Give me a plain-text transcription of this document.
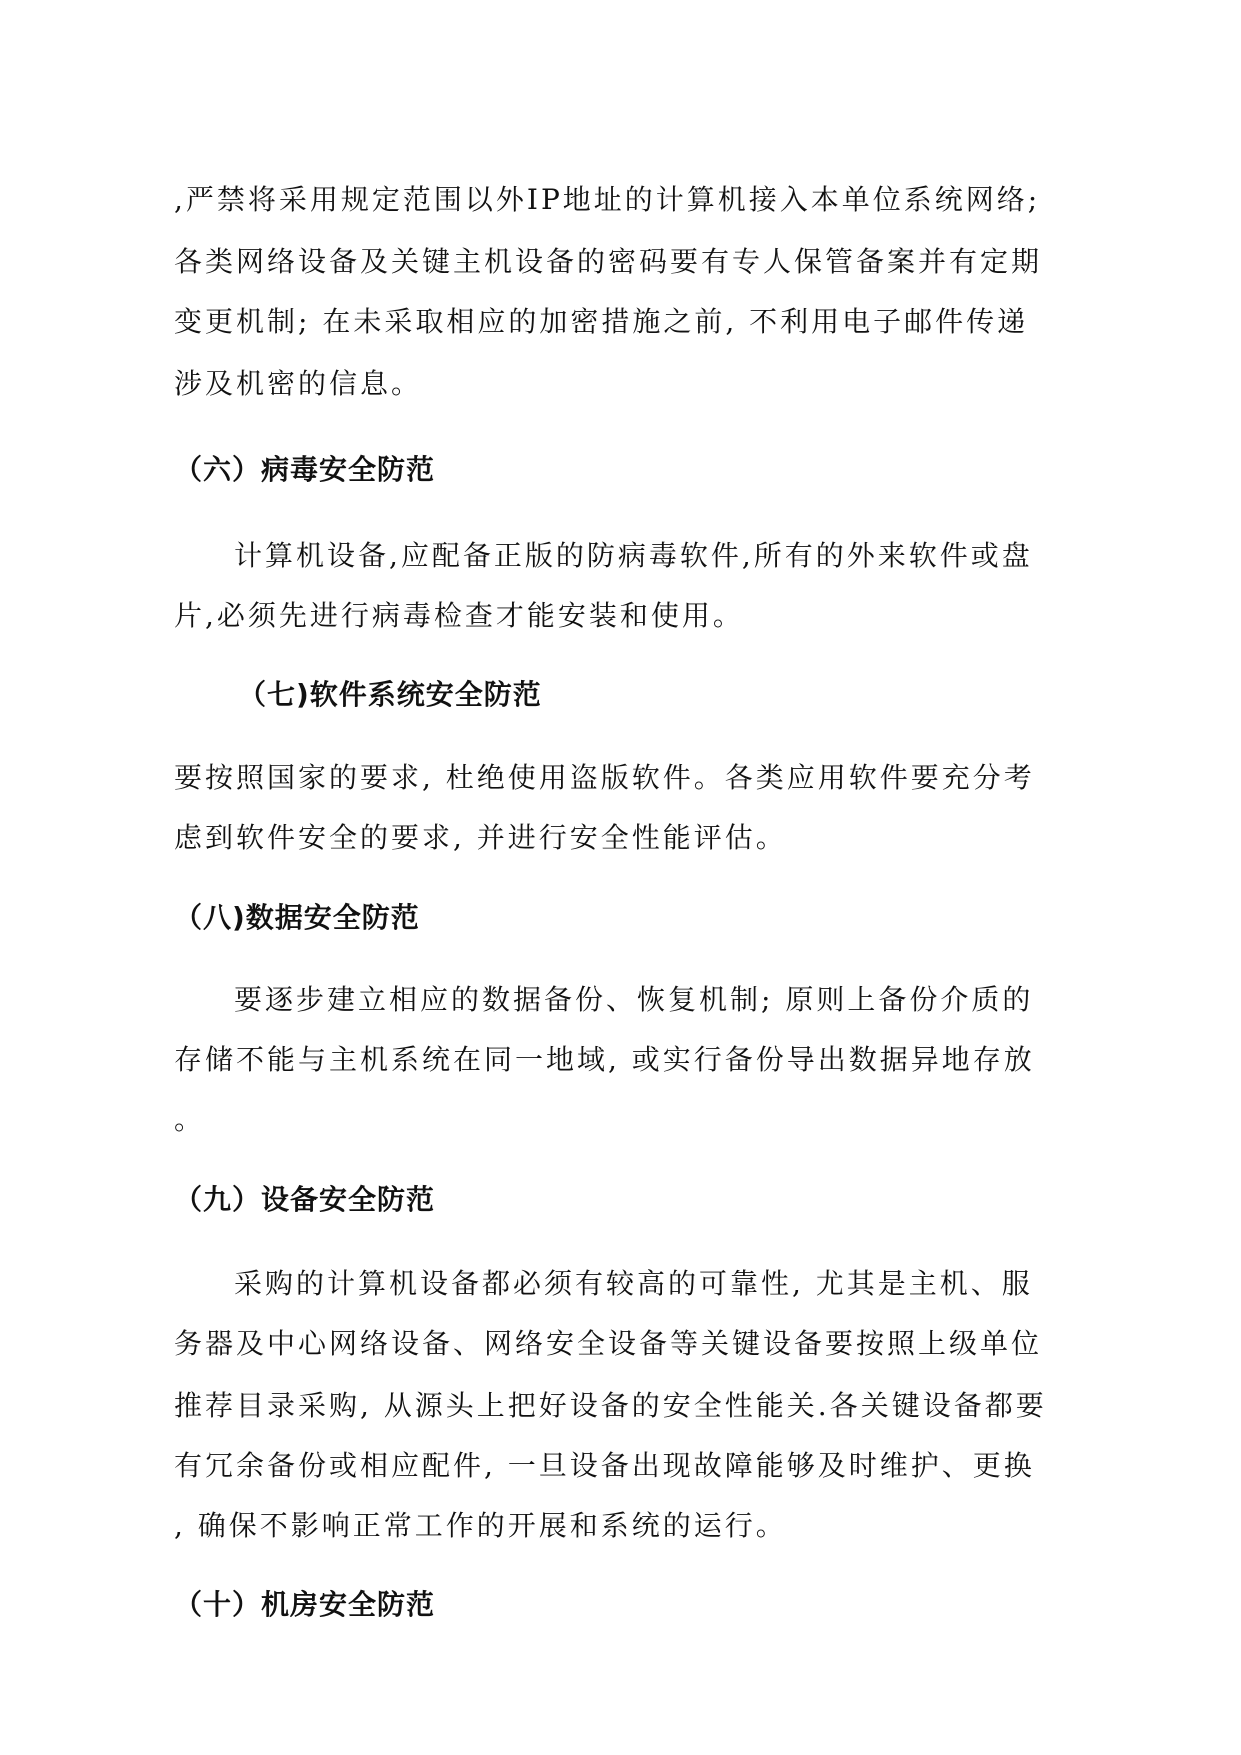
,严禁将采用规定范围以外IP地址的计算机接入本单位系统网络;
各类网络设备及关键主机设备的密码要有专人保管备案并有定期
变更机制; 在未采取相应的加密措施之前, 不利用电子邮件传递
涉及机密的信息。
（六）病毒安全防范
计算机设备,应配备正版的防病毒软件,所有的外来软件或盘
片,必须先进行病毒检查才能安装和使用。
（七)软件系统安全防范
要按照国家的要求, 杜绝使用盗版软件。各类应用软件要充分考
虑到软件安全的要求, 并进行安全性能评估。
（八)数据安全防范
要逐步建立相应的数据备份、恢复机制; 原则上备份介质的
存储不能与主机系统在同一地域, 或实行备份导出数据异地存放
。
（九）设备安全防范
采购的计算机设备都必须有较高的可靠性, 尤其是主机、服
务器及中心网络设备、网络安全设备等关键设备要按照上级单位
推荐目录采购, 从源头上把好设备的安全性能关.各关键设备都要
有冗余备份或相应配件, 一旦设备出现故障能够及时维护、更换
, 确保不影响正常工作的开展和系统的运行。
（十）机房安全防范
